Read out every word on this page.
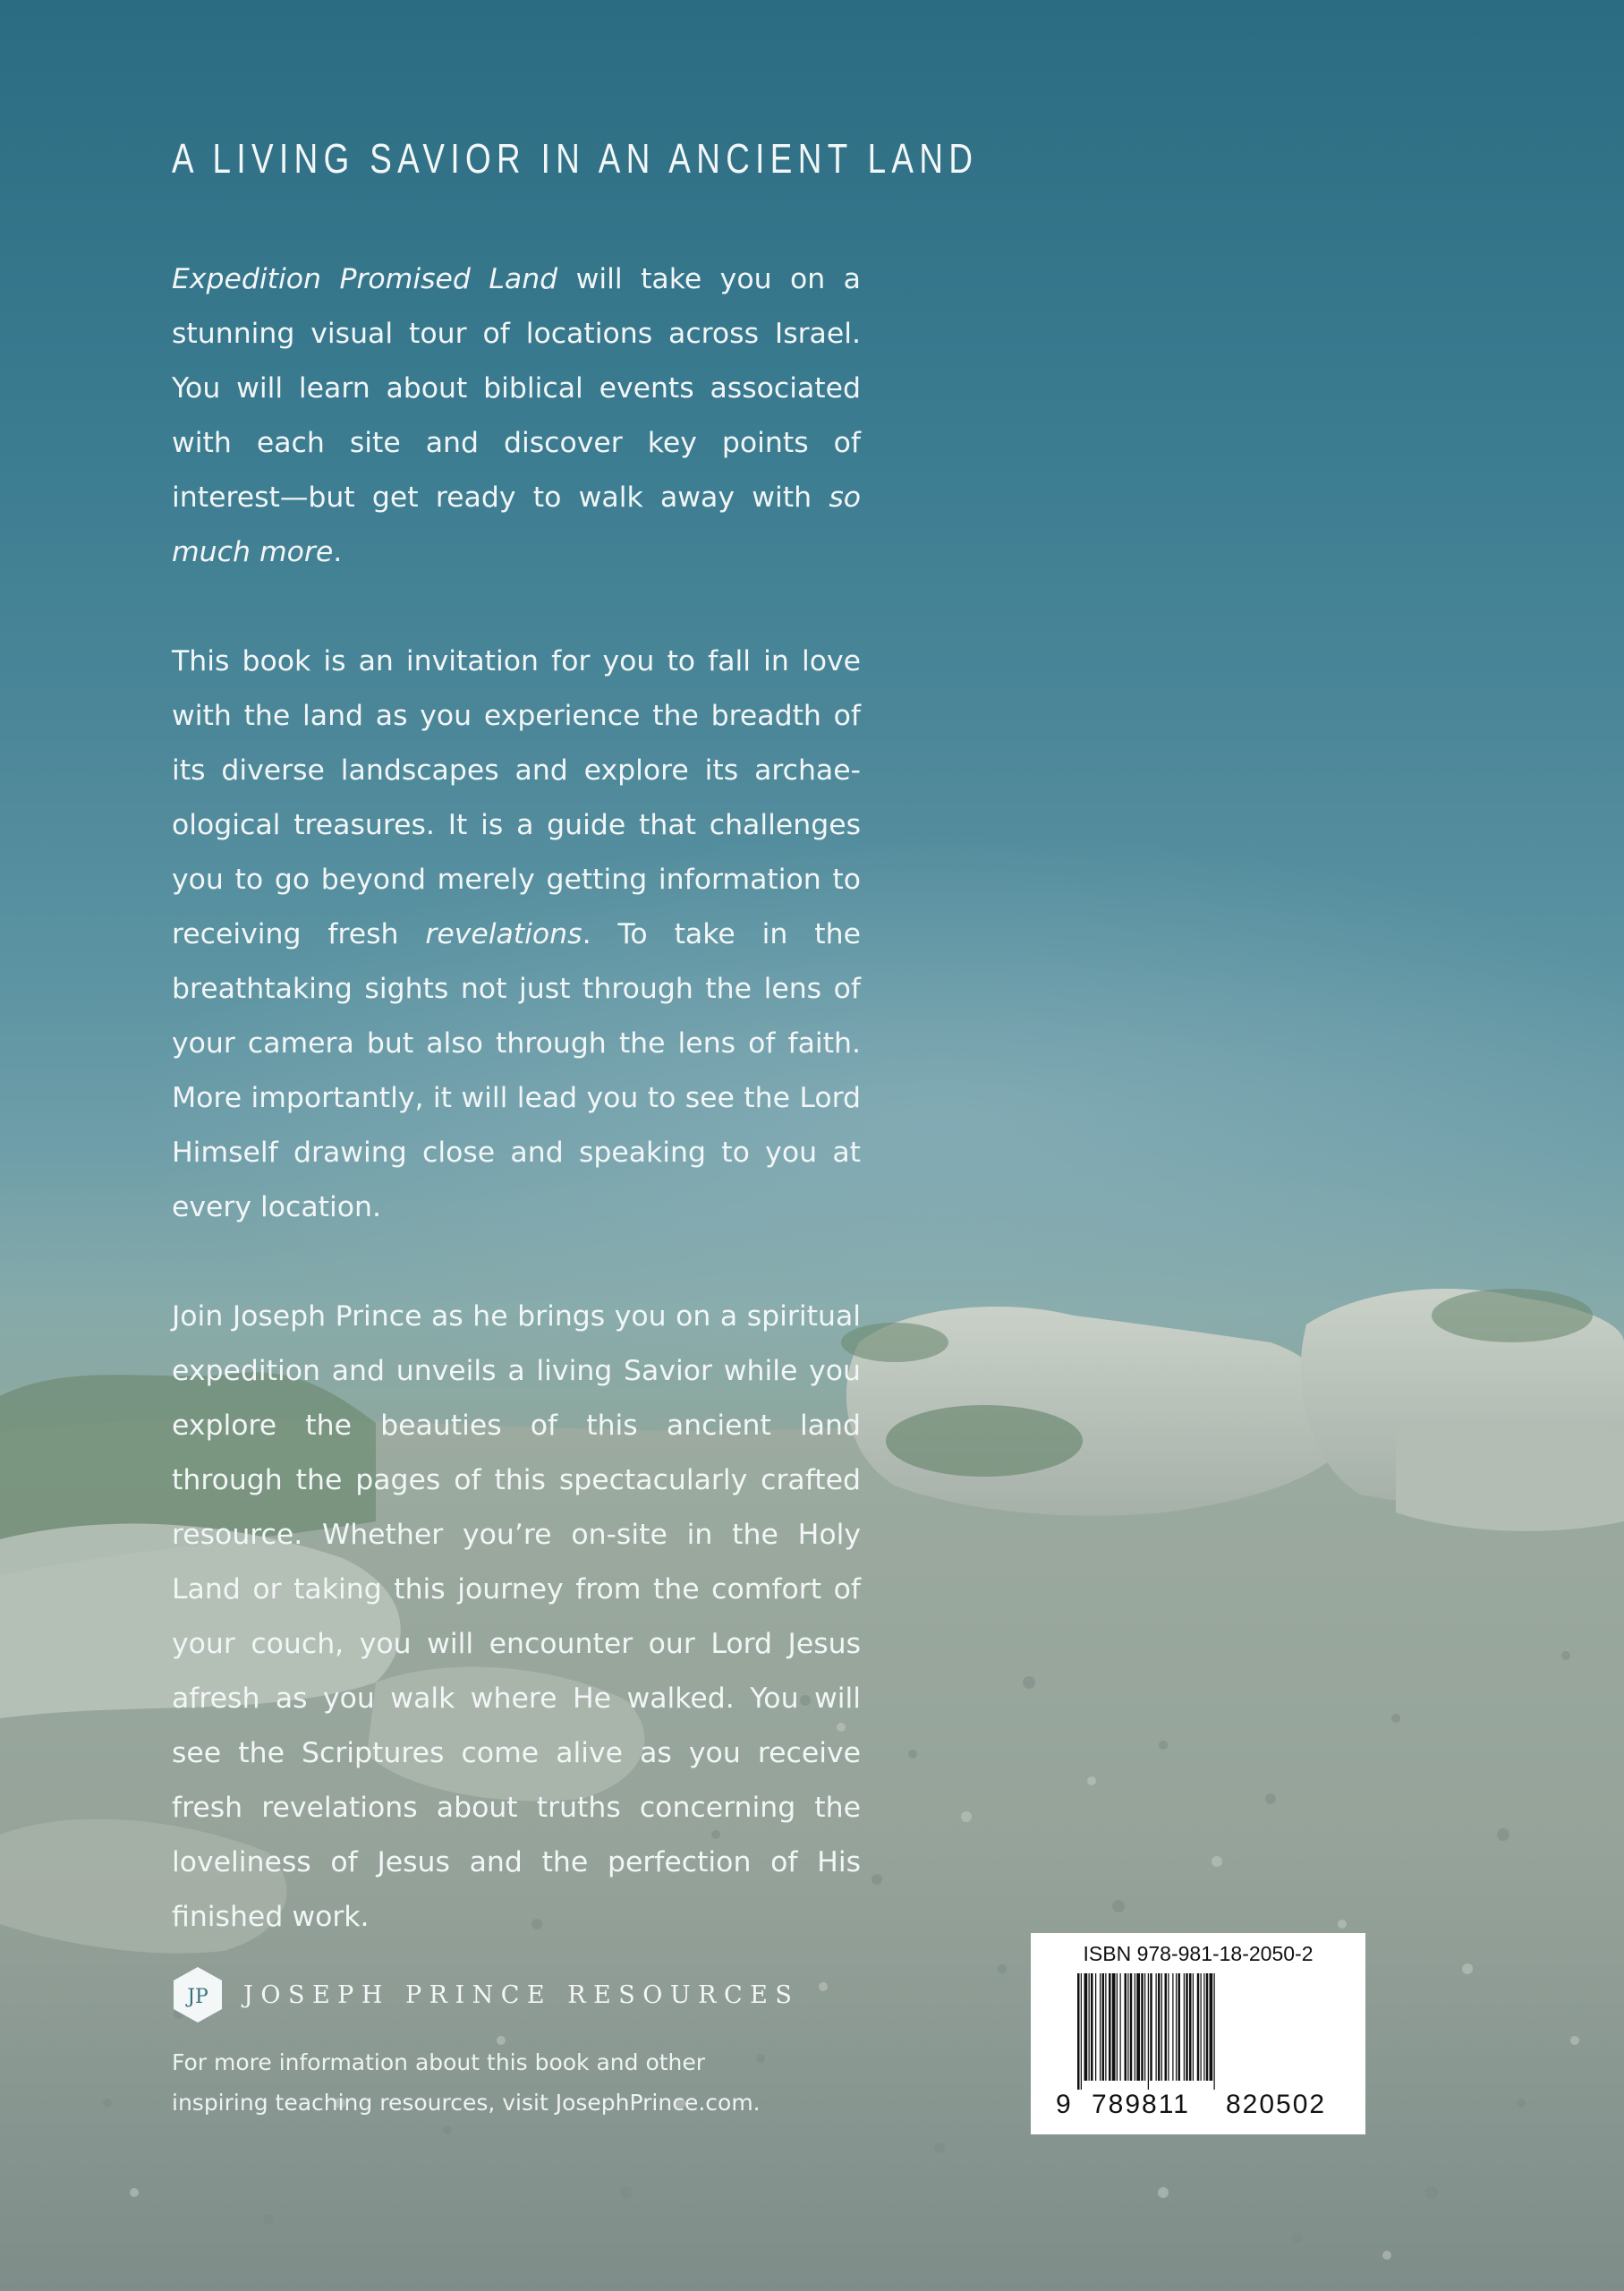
A LIVING SAVIOR IN AN ANCIENT LAND

Expedition Promised Land will take you on a stunning visual tour of locations across Israel. You will learn about biblical events associated with each site and discover key points of interest—but get ready to walk away with so much more.

This book is an invitation for you to fall in love with the land as you experience the breadth of its diverse landscapes and explore its archaeological treasures. It is a guide that challenges you to go beyond merely getting information to receiving fresh revelations. To take in the breathtaking sights not just through the lens of your camera but also through the lens of faith. More importantly, it will lead you to see the Lord Himself drawing close and speaking to you at every location.

Join Joseph Prince as he brings you on a spiritual expedition and unveils a living Savior while you explore the beauties of this ancient land through the pages of this spectacularly crafted resource. Whether you’re on-site in the Holy Land or taking this journey from the comfort of your couch, you will encounter our Lord Jesus afresh as you walk where He walked. You will see the Scriptures come alive as you receive fresh revelations about truths concerning the loveliness of Jesus and the perfection of His finished work.

JP JOSEPH PRINCE RESOURCES
For more information about this book and other
inspiring teaching resources, visit JosephPrince.com.
ISBN 978-981-18-2050-2
9 789811 820502
